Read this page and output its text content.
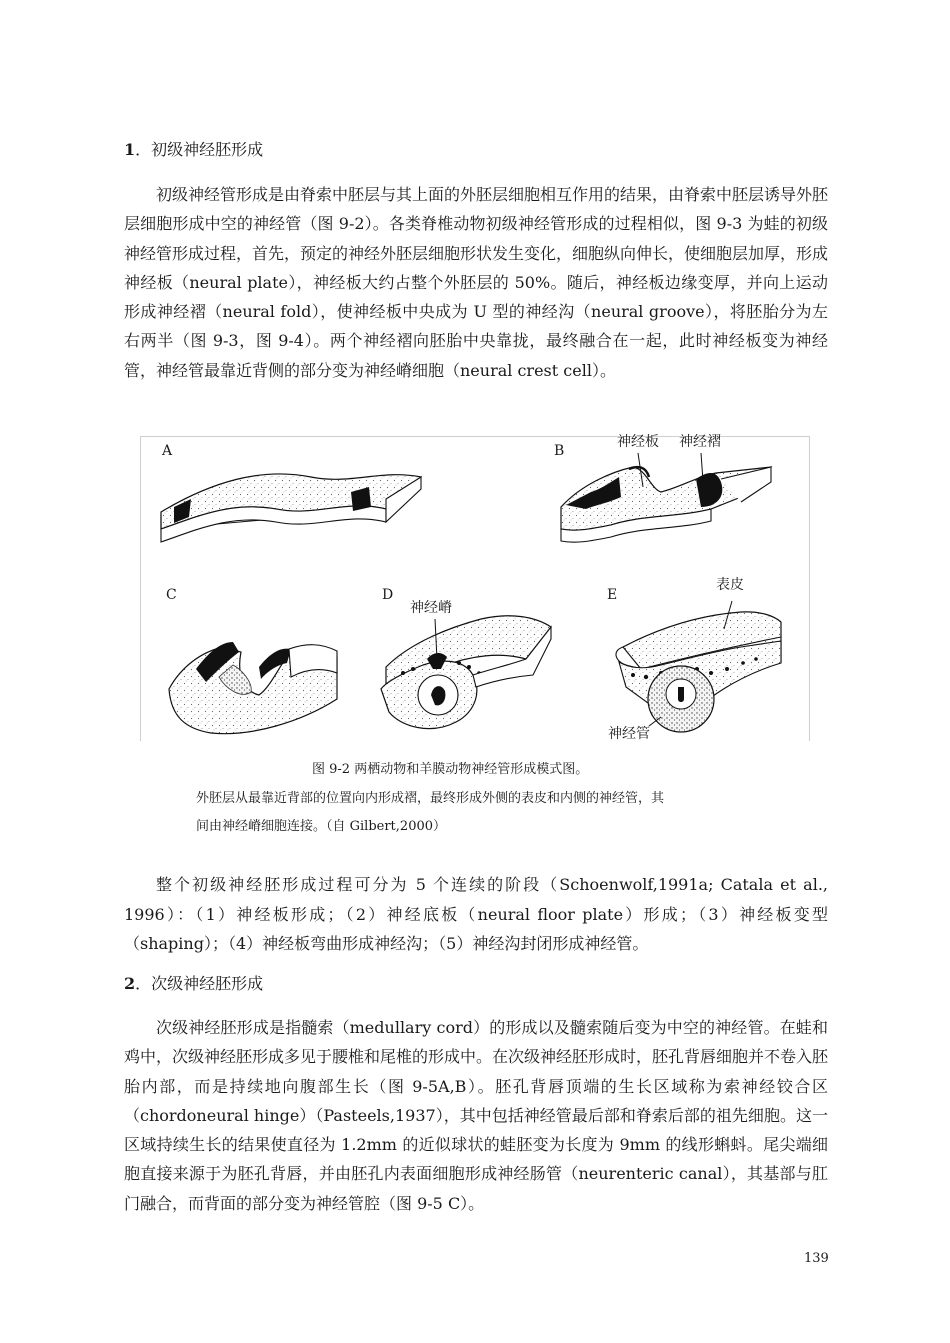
1．初级神经胚形成

初级神经管形成是由脊索中胚层与其上面的外胚层细胞相互作用的结果，由脊索中胚层诱导外胚层细胞形成中空的神经管（图 9-2）。各类脊椎动物初级神经管形成的过程相似，图 9-3 为蛙的初级神经管形成过程，首先，预定的神经外胚层细胞形状发生变化，细胞纵向伸长，使细胞层加厚，形成神经板（neural plate），神经板大约占整个外胚层的 50%。随后，神经板边缘变厚，并向上运动形成神经褶（neural fold），使神经板中央成为 U 型的神经沟（neural groove），将胚胎分为左右两半（图 9-3，图 9-4）。两个神经褶向胚胎中央靠拢，最终融合在一起，此时神经板变为神经管，神经管最靠近背侧的部分变为神经嵴细胞（neural crest cell）。

A	B
C	D	E
神经板 神经褶
神经嵴
表皮
神经管
图 9-2 两栖动物和羊膜动物神经管形成模式图。
外胚层从最靠近背部的位置向内形成褶，最终形成外侧的表皮和内侧的神经管，其
间由神经嵴细胞连接。（自 Gilbert,2000）

整个初级神经胚形成过程可分为 5 个连续的阶段（Schoenwolf,1991a; Catala et al., 1996）：（1）神经板形成；（2）神经底板（neural floor plate）形成；（3）神经板变型（shaping）；（4）神经板弯曲形成神经沟；（5）神经沟封闭形成神经管。

2．次级神经胚形成

次级神经胚形成是指髓索（medullary cord）的形成以及髓索随后变为中空的神经管。在蛙和鸡中，次级神经胚形成多见于腰椎和尾椎的形成中。在次级神经胚形成时，胚孔背唇细胞并不卷入胚胎内部，而是持续地向腹部生长（图 9-5A,B）。胚孔背唇顶端的生长区域称为索神经铰合区（chordoneural hinge）（Pasteels,1937），其中包括神经管最后部和脊索后部的祖先细胞。这一区域持续生长的结果使直径为 1.2mm 的近似球状的蛙胚变为长度为 9mm 的线形蝌蚪。尾尖端细胞直接来源于为胚孔背唇，并由胚孔内表面细胞形成神经肠管（neurenteric canal），其基部与肛门融合，而背面的部分变为神经管腔（图 9-5 C）。

139
